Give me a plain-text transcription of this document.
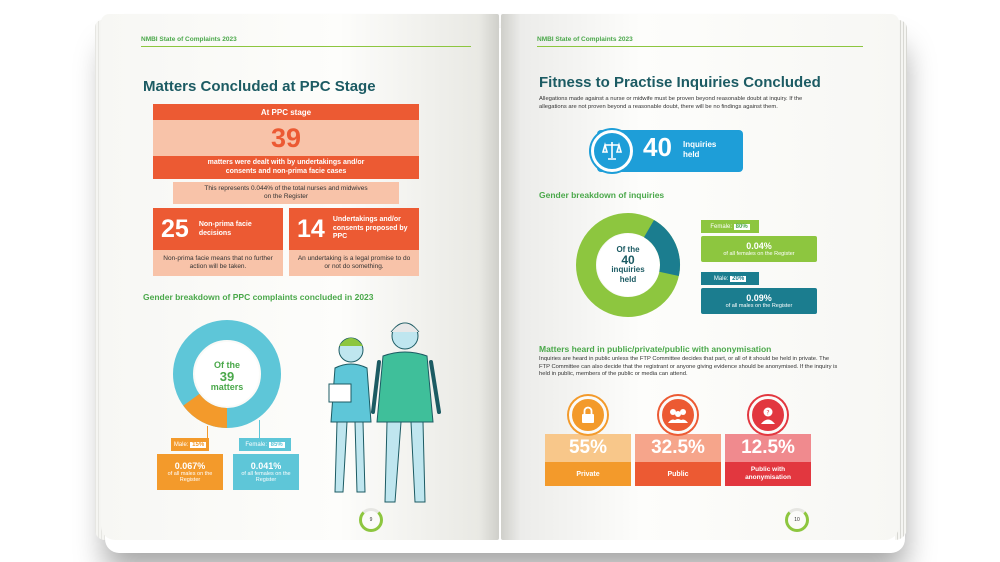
NMBI State of Complaints 2023
Matters Concluded at PPC Stage
At PPC stage
39
matters were dealt with by undertakings and/or consents and non-prima facie cases
This represents 0.044% of the total nurses and midwives on the Register
25 Non-prima facie decisions
Non-prima facie means that no further action will be taken.
14 Undertakings and/or consents proposed by PPC
An undertaking is a legal promise to do or not do something.
Gender breakdown of PPC complaints concluded in 2023
Of the
39
matters
Male:
15%	Female:
85%
0.067%
of all males on the Register
0.041%
of all females on the Register
9
NMBI State of Complaints 2023
Fitness to Practise Inquiries Concluded
Allegations made against a nurse or midwife must be proven beyond reasonable doubt at inquiry. If the allegations are not proven beyond a reasonable doubt, there will be no findings against them.
40 Inquiries held
Gender breakdown of inquiries
Of the
40
inquiries
held
Female:
80%
0.04%
of all females on the Register
Male:
20%
0.09%
of all males on the Register
Matters heard in public/private/public with anonymisation
Inquiries are heard in public unless the FTP Committee decides that part, or all of it should be held in private. The FTP Committee can also decide that the registrant or anyone giving evidence should be anonymised. If the inquiry is held in public, members of the public or media can attend.
55%
Private
32.5%
Public
?
12.5%
Public with anonymisation
10
